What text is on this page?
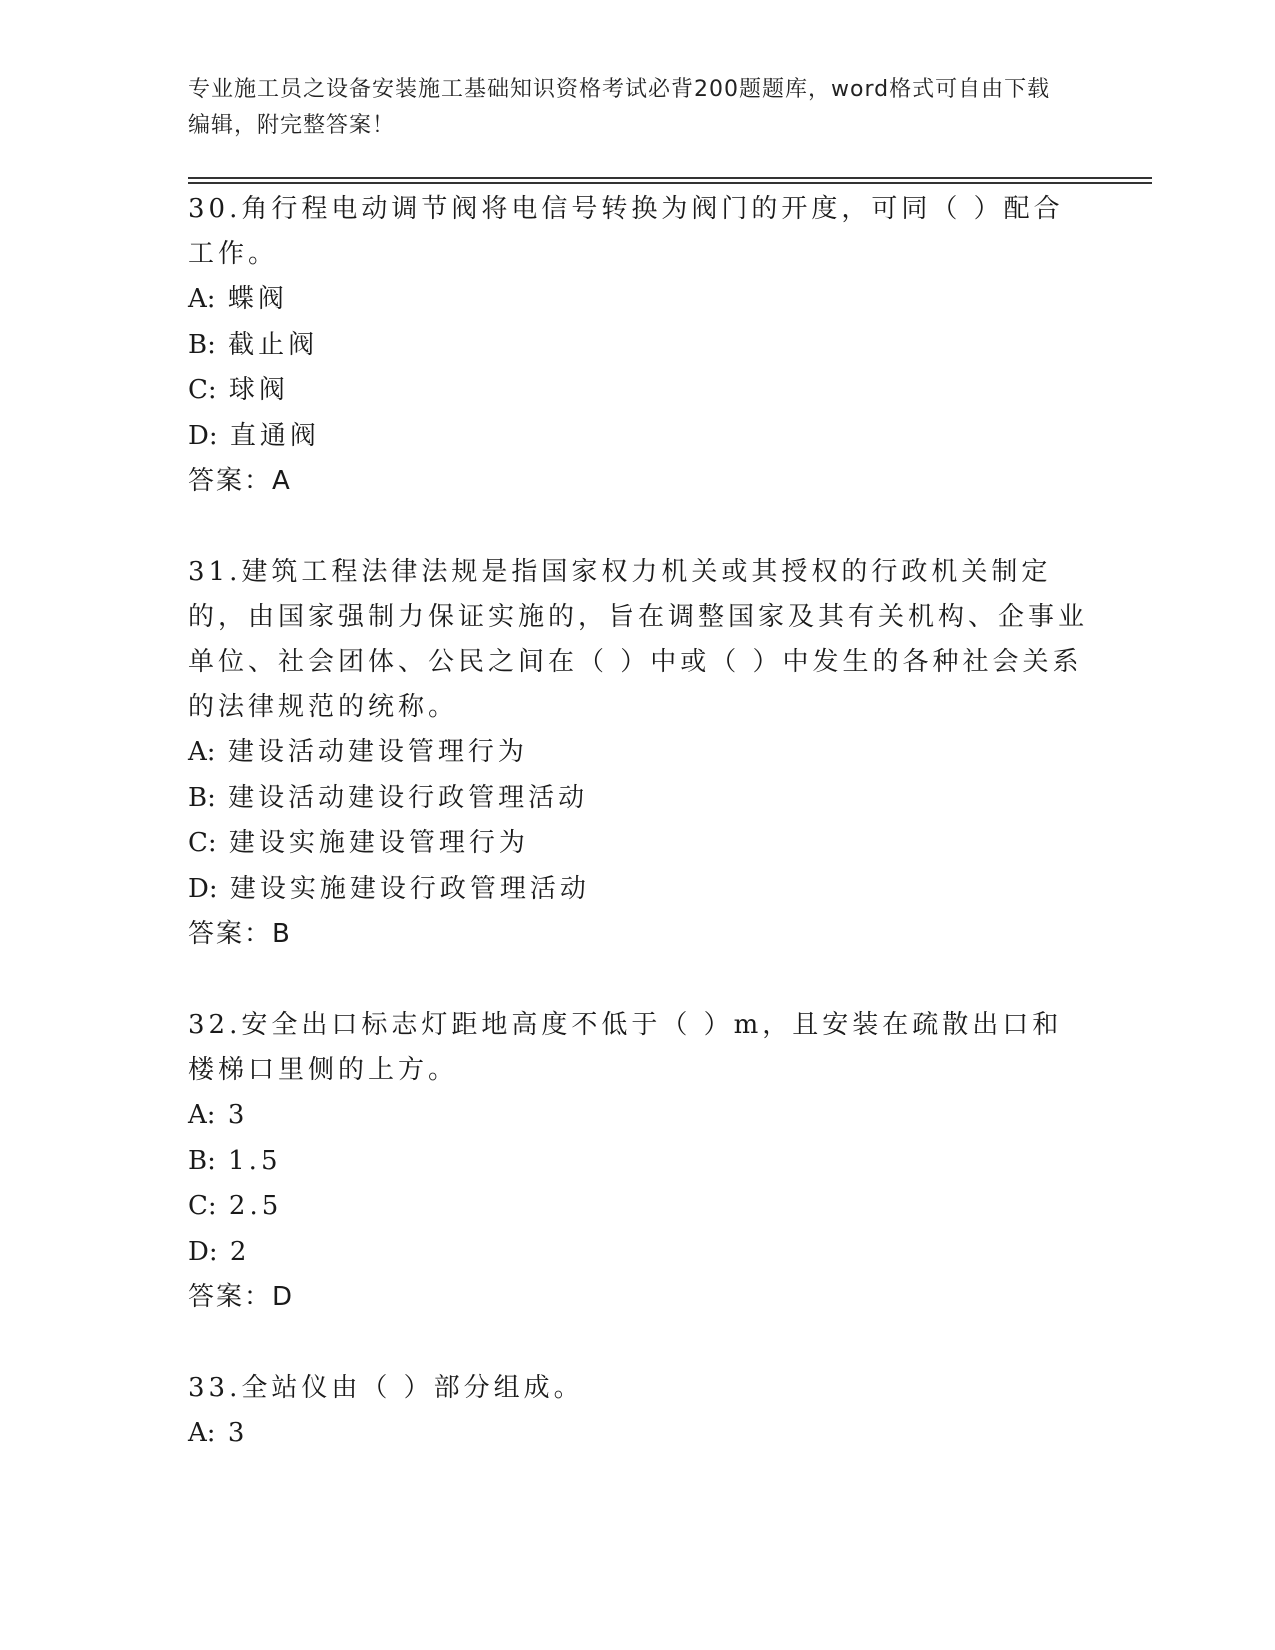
专业施工员之设备安装施工基础知识资格考试必背200题题库，word格式可自由下载编辑，附完整答案！

30.角行程电动调节阀将电信号转换为阀门的开度，可同（ ）配合工作。

A: 蝶阀

B: 截止阀

C: 球阀

D: 直通阀

答案：A

31.建筑工程法律法规是指国家权力机关或其授权的行政机关制定的，由国家强制力保证实施的，旨在调整国家及其有关机构、企事业单位、社会团体、公民之间在（ ）中或（ ）中发生的各种社会关系的法律规范的统称。

A: 建设活动建设管理行为

B: 建设活动建设行政管理活动

C: 建设实施建设管理行为

D: 建设实施建设行政管理活动

答案：B

32.安全出口标志灯距地高度不低于（ ）m，且安装在疏散出口和楼梯口里侧的上方。

A: 3

B: 1.5

C: 2.5

D: 2

答案：D

33.全站仪由（ ）部分组成。

A: 3
